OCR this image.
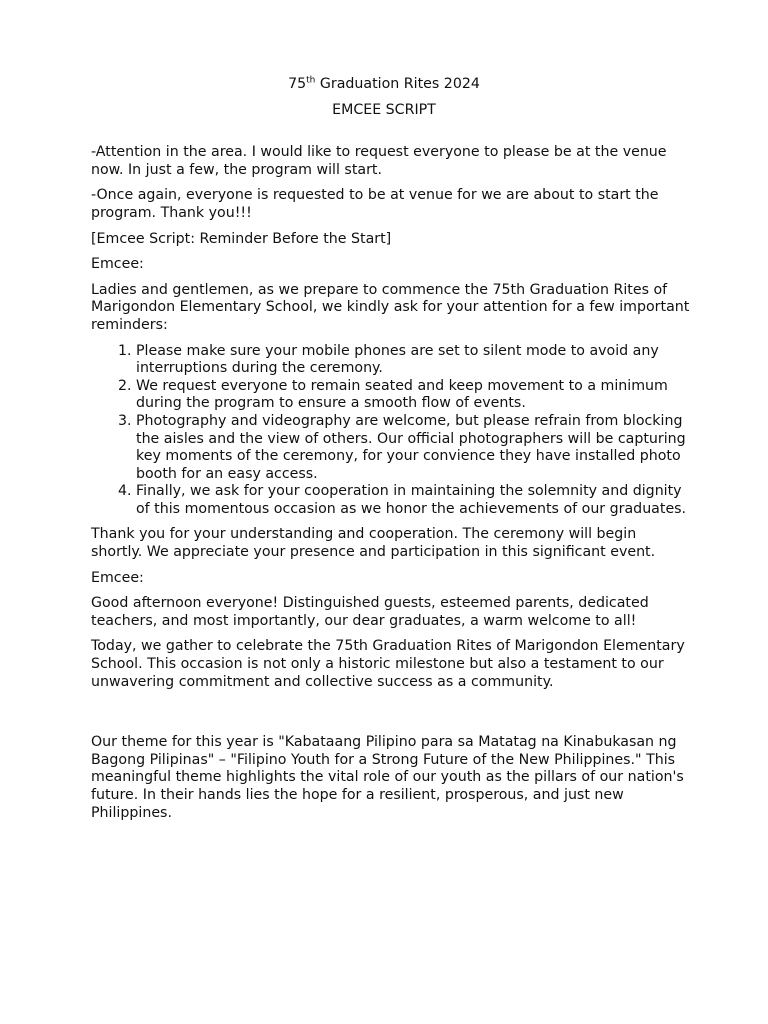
75th Graduation Rites 2024
EMCEE SCRIPT

-Attention in the area. I would like to request everyone to please be at the venue now. In just a few, the program will start.

-Once again, everyone is requested to be at venue for we are about to start the program. Thank you!!!

[Emcee Script: Reminder Before the Start]

Emcee:

Ladies and gentlemen, as we prepare to commence the 75th Graduation Rites of Marigondon Elementary School, we kindly ask for your attention for a few important reminders:

1. Please make sure your mobile phones are set to silent mode to avoid any interruptions during the ceremony.
2. We request everyone to remain seated and keep movement to a minimum during the program to ensure a smooth flow of events.
3. Photography and videography are welcome, but please refrain from blocking the aisles and the view of others. Our official photographers will be capturing key moments of the ceremony, for your convience they have installed photo booth for an easy access.
4. Finally, we ask for your cooperation in maintaining the solemnity and dignity of this momentous occasion as we honor the achievements of our graduates.

Thank you for your understanding and cooperation. The ceremony will begin shortly. We appreciate your presence and participation in this significant event.

Emcee:

Good afternoon everyone! Distinguished guests, esteemed parents, dedicated teachers, and most importantly, our dear graduates, a warm welcome to all!

Today, we gather to celebrate the 75th Graduation Rites of Marigondon Elementary School. This occasion is not only a historic milestone but also a testament to our unwavering commitment and collective success as a community.

Our theme for this year is "Kabataang Pilipino para sa Matatag na Kinabukasan ng Bagong Pilipinas" – "Filipino Youth for a Strong Future of the New Philippines." This meaningful theme highlights the vital role of our youth as the pillars of our nation's future. In their hands lies the hope for a resilient, prosperous, and just new Philippines.
